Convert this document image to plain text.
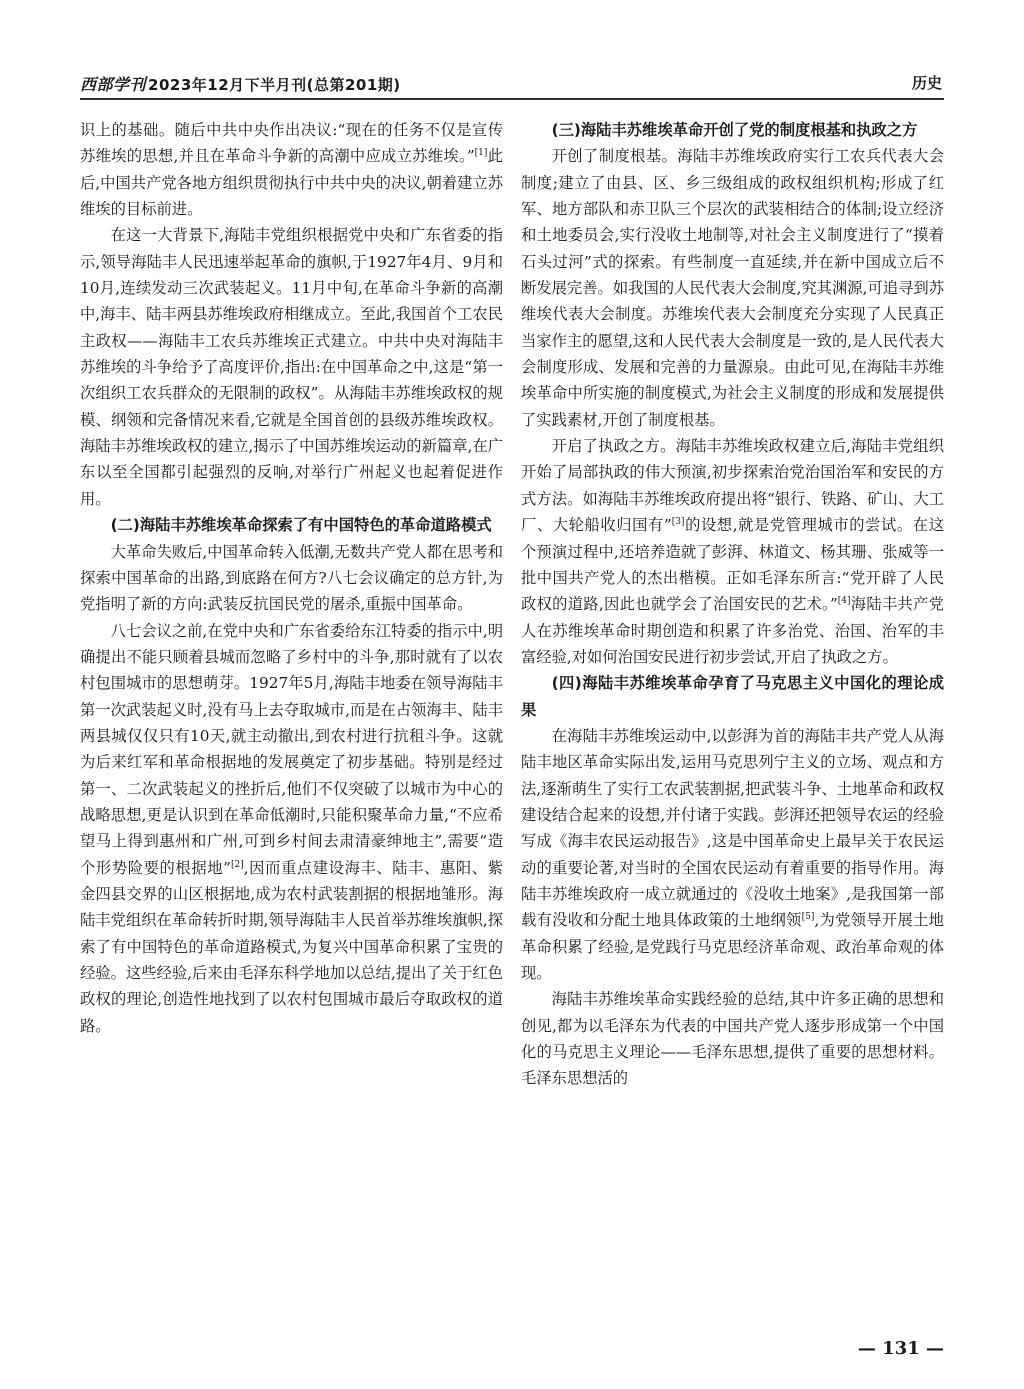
西部学刊 2023年12月下半月刊(总第201期)	历史

识上的基础。随后中共中央作出决议:“现在的任务不仅是宣传苏维埃的思想,并且在革命斗争新的高潮中应成立苏维埃。”[1]此后,中国共产党各地方组织贯彻执行中共中央的决议,朝着建立苏维埃的目标前进。

在这一大背景下,海陆丰党组织根据党中央和广东省委的指示,领导海陆丰人民迅速举起革命的旗帜,于1927年4月、9月和10月,连续发动三次武装起义。11月中旬,在革命斗争新的高潮中,海丰、陆丰两县苏维埃政府相继成立。至此,我国首个工农民主政权——海陆丰工农兵苏维埃正式建立。中共中央对海陆丰苏维埃的斗争给予了高度评价,指出:在中国革命之中,这是“第一次组织工农兵群众的无限制的政权”。从海陆丰苏维埃政权的规模、纲领和完备情况来看,它就是全国首创的县级苏维埃政权。海陆丰苏维埃政权的建立,揭示了中国苏维埃运动的新篇章,在广东以至全国都引起强烈的反响,对举行广州起义也起着促进作用。

(二)海陆丰苏维埃革命探索了有中国特色的革命道路模式

大革命失败后,中国革命转入低潮,无数共产党人都在思考和探索中国革命的出路,到底路在何方?八七会议确定的总方针,为党指明了新的方向:武装反抗国民党的屠杀,重振中国革命。

八七会议之前,在党中央和广东省委给东江特委的指示中,明确提出不能只顾着县城而忽略了乡村中的斗争,那时就有了以农村包围城市的思想萌芽。1927年5月,海陆丰地委在领导海陆丰第一次武装起义时,没有马上去夺取城市,而是在占领海丰、陆丰两县城仅仅只有10天,就主动撤出,到农村进行抗租斗争。这就为后来红军和革命根据地的发展奠定了初步基础。特别是经过第一、二次武装起义的挫折后,他们不仅突破了以城市为中心的战略思想,更是认识到在革命低潮时,只能积聚革命力量,“不应希望马上得到惠州和广州,可到乡村间去肃清豪绅地主”,需要“造个形势险要的根据地”[2],因而重点建设海丰、陆丰、惠阳、紫金四县交界的山区根据地,成为农村武装割据的根据地雏形。海陆丰党组织在革命转折时期,领导海陆丰人民首举苏维埃旗帜,探索了有中国特色的革命道路模式,为复兴中国革命积累了宝贵的经验。这些经验,后来由毛泽东科学地加以总结,提出了关于红色政权的理论,创造性地找到了以农村包围城市最后夺取政权的道路。

(三)海陆丰苏维埃革命开创了党的制度根基和执政之方

开创了制度根基。海陆丰苏维埃政府实行工农兵代表大会制度;建立了由县、区、乡三级组成的政权组织机构;形成了红军、地方部队和赤卫队三个层次的武装相结合的体制;设立经济和土地委员会,实行没收土地制等,对社会主义制度进行了“摸着石头过河”式的探索。有些制度一直延续,并在新中国成立后不断发展完善。如我国的人民代表大会制度,究其渊源,可追寻到苏维埃代表大会制度。苏维埃代表大会制度充分实现了人民真正当家作主的愿望,这和人民代表大会制度是一致的,是人民代表大会制度形成、发展和完善的力量源泉。由此可见,在海陆丰苏维埃革命中所实施的制度模式,为社会主义制度的形成和发展提供了实践素材,开创了制度根基。

开启了执政之方。海陆丰苏维埃政权建立后,海陆丰党组织开始了局部执政的伟大预演,初步探索治党治国治军和安民的方式方法。如海陆丰苏维埃政府提出将“银行、铁路、矿山、大工厂、大轮船收归国有”[3]的设想,就是党管理城市的尝试。在这个预演过程中,还培养造就了彭湃、林道文、杨其珊、张威等一批中国共产党人的杰出楷模。正如毛泽东所言:“党开辟了人民政权的道路,因此也就学会了治国安民的艺术。”[4]海陆丰共产党人在苏维埃革命时期创造和积累了许多治党、治国、治军的丰富经验,对如何治国安民进行初步尝试,开启了执政之方。

(四)海陆丰苏维埃革命孕育了马克思主义中国化的理论成果

在海陆丰苏维埃运动中,以彭湃为首的海陆丰共产党人从海陆丰地区革命实际出发,运用马克思列宁主义的立场、观点和方法,逐渐萌生了实行工农武装割据,把武装斗争、土地革命和政权建设结合起来的设想,并付诸于实践。彭湃还把领导农运的经验写成《海丰农民运动报告》,这是中国革命史上最早关于农民运动的重要论著,对当时的全国农民运动有着重要的指导作用。海陆丰苏维埃政府一成立就通过的《没收土地案》,是我国第一部载有没收和分配土地具体政策的土地纲领[5],为党领导开展土地革命积累了经验,是党践行马克思经济革命观、政治革命观的体现。

海陆丰苏维埃革命实践经验的总结,其中许多正确的思想和创见,都为以毛泽东为代表的中国共产党人逐步形成第一个中国化的马克思主义理论——毛泽东思想,提供了重要的思想材料。毛泽东思想活的

— 131 —
